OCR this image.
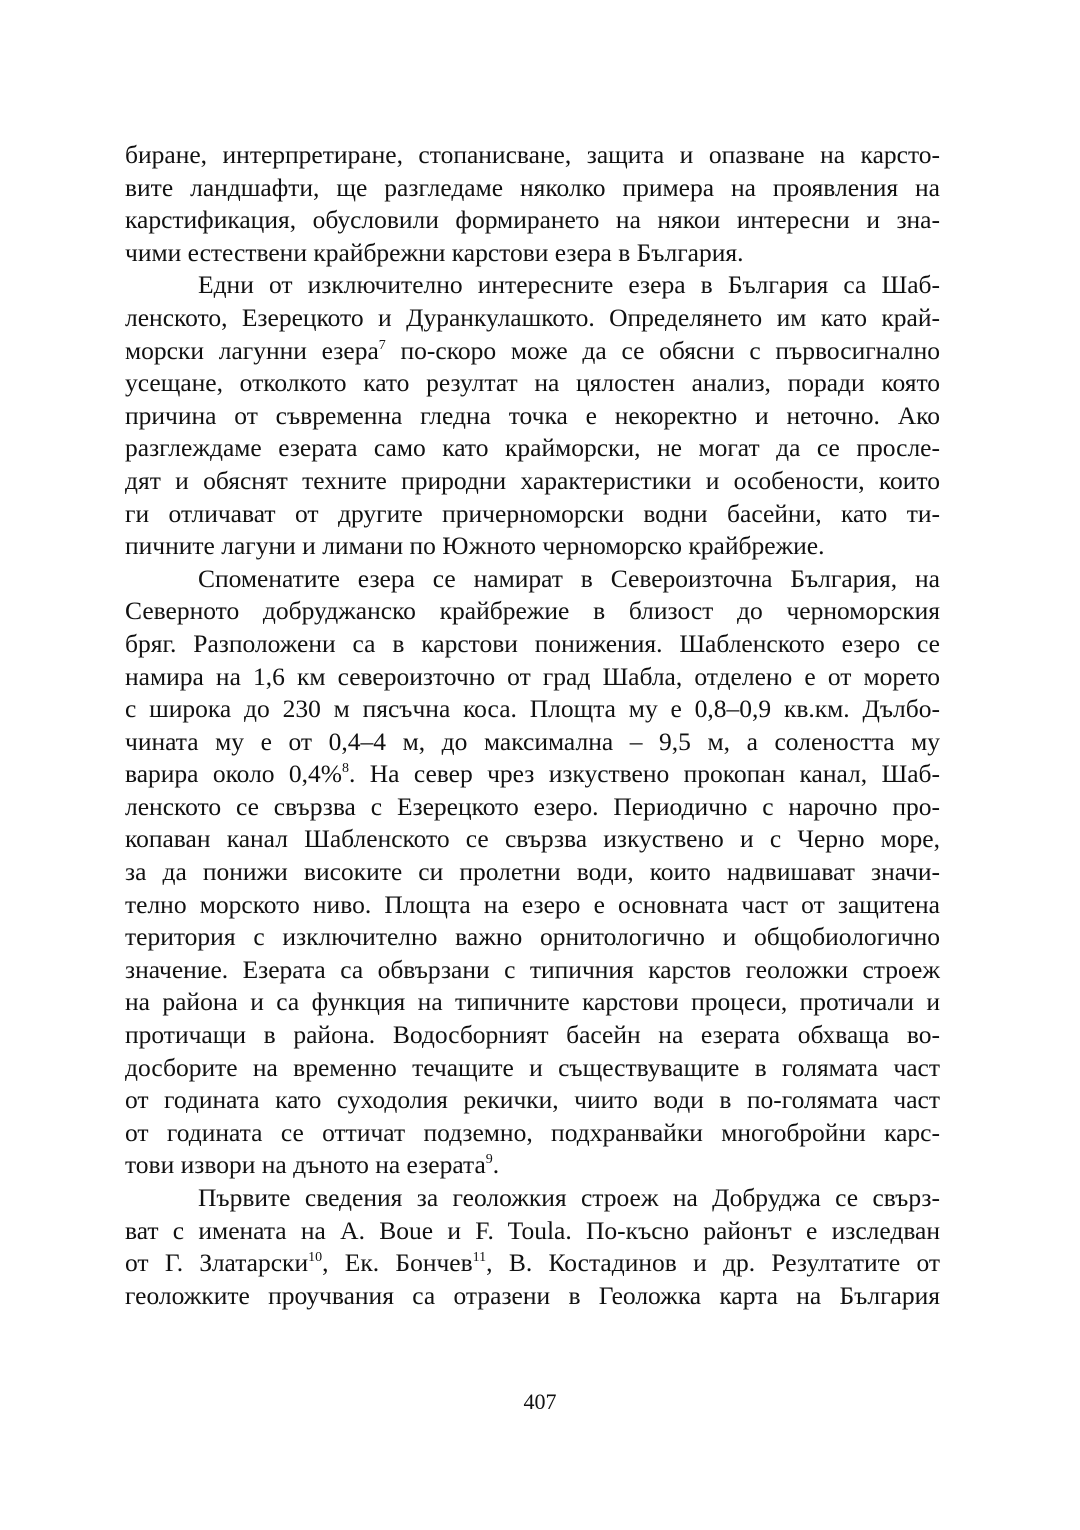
биране, интерпретиране, стопанисване, защита и опазване на карсто-
вите ландшафти, ще разгледаме няколко примера на проявления на
карстификация, обусловили формирането на някои интересни и зна-
чими естествени крайбрежни карстови езера в България.
Едни от изключително интересните езера в България са Шаб-
ленското, Езерецкото и Дуранкулашкото. Определянето им като край-
морски лагунни езера$^7$ по-скоро може да се обясни с първосигнално
усещане, отколкото като резултат на цялостен анализ, поради която
причина от съвременна гледна точка е некоректно и неточно. Ако
разглеждаме езерата само като крайморски, не могат да се просле-
дят и обяснят техните природни характеристики и особености, които
ги отличават от другите причерноморски водни басейни, като ти-
пичните лагуни и лимани по Южното черноморско крайбрежие.
Споменатите езера се намират в Североизточна България, на
Северното добруджанско крайбрежие в близост до черноморския
бряг. Разположени са в карстови понижения. Шабленското езеро се
намира на 1,6 км североизточно от град Шабла, отделено е от морето
с широка до 230 м пясъчна коса. Площта му е 0,8–0,9 кв.км. Дълбо-
чината му е от 0,4–4 м, до максимална – 9,5 м, а солеността му
варира около 0,4%$^8$. На север чрез изкуствено прокопан канал, Шаб-
ленското се свързва с Езерецкото езеро. Периодично с нарочно про-
копаван канал Шабленското се свързва изкуствено и с Черно море,
за да понижи високите си пролетни води, които надвишават значи-
телно морското ниво. Площта на езеро е основната част от защитена
територия с изключително важно орнитологично и общобиологично
значение. Езерата са обвързани с типичния карстов геоложки строеж
на района и са функция на типичните карстови процеси, протичали и
протичащи в района. Водосборният басейн на езерата обхваща во-
досборите на временно течащите и съществуващите в голямата част
от годината като суходолия рекички, чиито води в по-голямата част
от годината се оттичат подземно, подхранвайки многобройни карс-
тови извори на дъното на езерата$^9$.
Първите сведения за геоложкия строеж на Добруджа се свърз-
ват с имената на А. Boue и F. Toula. По-късно районът е изследван
от Г. Златарски$^{10}$, Ек. Бончев$^{11}$, В. Костадинов и др. Резултатите от
геоложките проучвания са отразени в Геоложка карта на България
407
